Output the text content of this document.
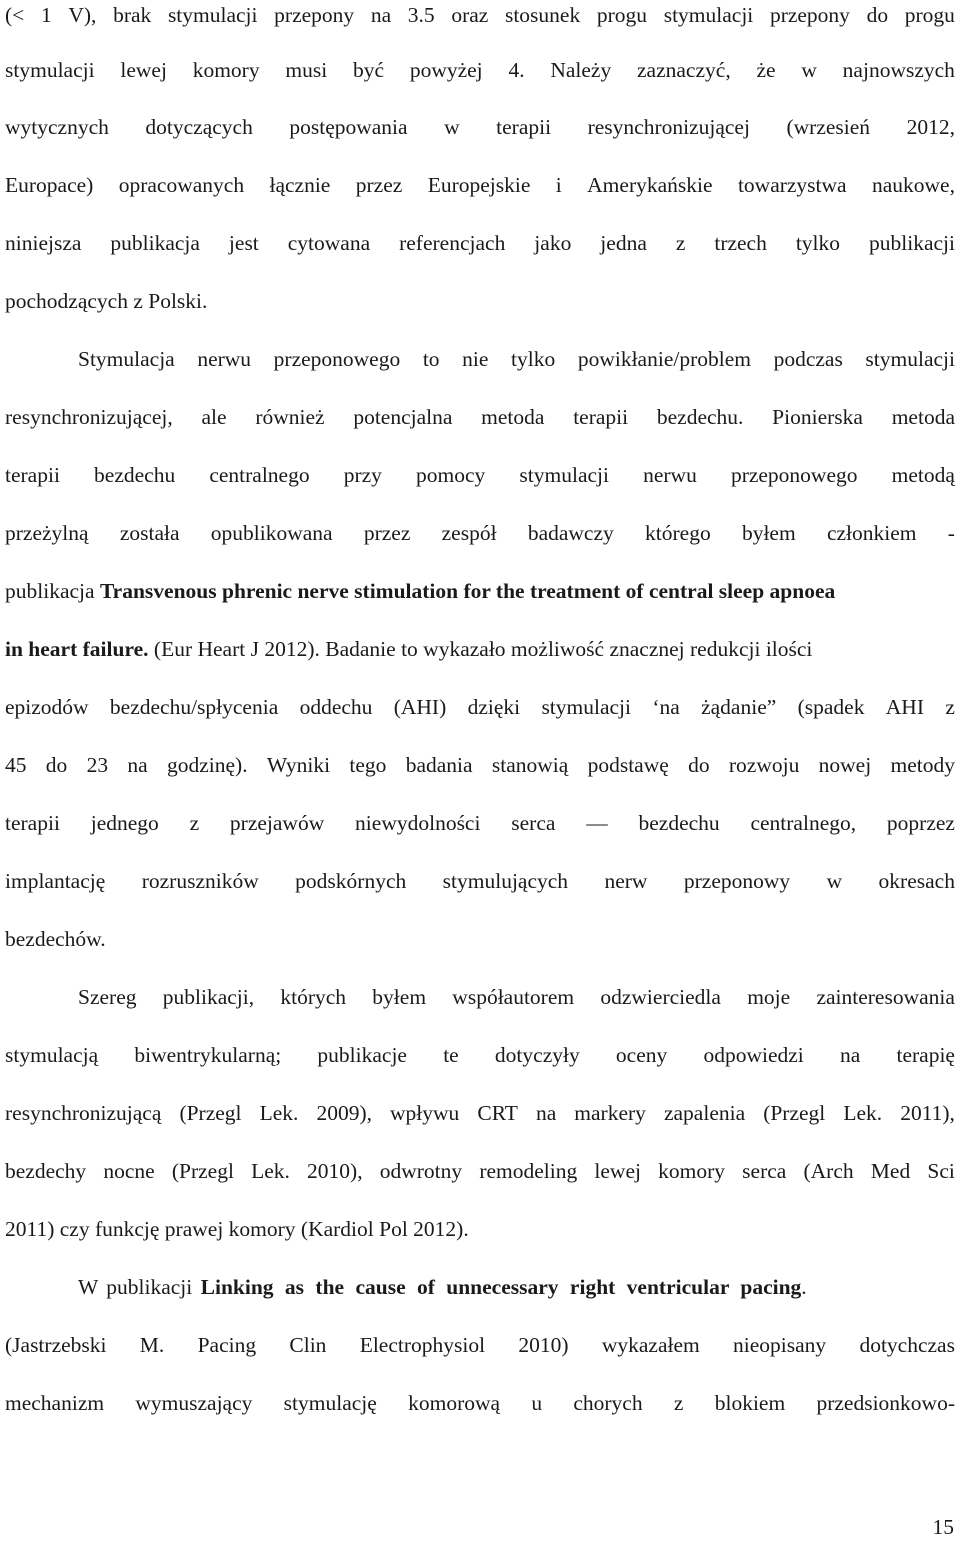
(< 1 V), brak stymulacji przepony na 3.5 oraz stosunek progu stymulacji przepony do progu
stymulacji lewej komory musi być powyżej 4. Należy zaznaczyć, że w najnowszych
wytycznych dotyczących postępowania w terapii resynchronizującej (wrzesień 2012,
Europace) opracowanych łącznie przez Europejskie i Amerykańskie towarzystwa naukowe,
niniejsza publikacja jest cytowana referencjach jako jedna z trzech tylko publikacji
pochodzących z Polski.
Stymulacja nerwu przeponowego to nie tylko powikłanie/problem podczas stymulacji
resynchronizującej, ale również potencjalna metoda terapii bezdechu. Pionierska metoda
terapii bezdechu centralnego przy pomocy stymulacji nerwu przeponowego metodą
przeżylną została opublikowana przez zespół badawczy którego byłem członkiem -
publikacja Transvenous phrenic nerve stimulation for the treatment of central sleep apnoea
in heart failure. (Eur Heart J 2012). Badanie to wykazało możliwość znacznej redukcji ilości
epizodów bezdechu/spłycenia oddechu (AHI) dzięki stymulacji ‘na żądanie” (spadek AHI z
45 do 23 na godzinę). Wyniki tego badania stanowią podstawę do rozwoju nowej metody
terapii jednego z przejawów niewydolności serca — bezdechu centralnego, poprzez
implantację rozruszników podskórnych stymulujących nerw przeponowy w okresach
bezdechów.
Szereg publikacji, których byłem współautorem odzwierciedla moje zainteresowania
stymulacją biwentrykularną; publikacje te dotyczyły oceny odpowiedzi na terapię
resynchronizującą (Przegl Lek. 2009), wpływu CRT na markery zapalenia (Przegl Lek. 2011),
bezdechy nocne (Przegl Lek. 2010), odwrotny remodeling lewej komory serca (Arch Med Sci
2011) czy funkcję prawej komory (Kardiol Pol 2012).
W publikacji Linking as the cause of unnecessary right ventricular pacing.
(Jastrzebski M. Pacing Clin Electrophysiol 2010) wykazałem nieopisany dotychczas
mechanizm wymuszający stymulację komorową u chorych z blokiem przedsionkowo-
15
